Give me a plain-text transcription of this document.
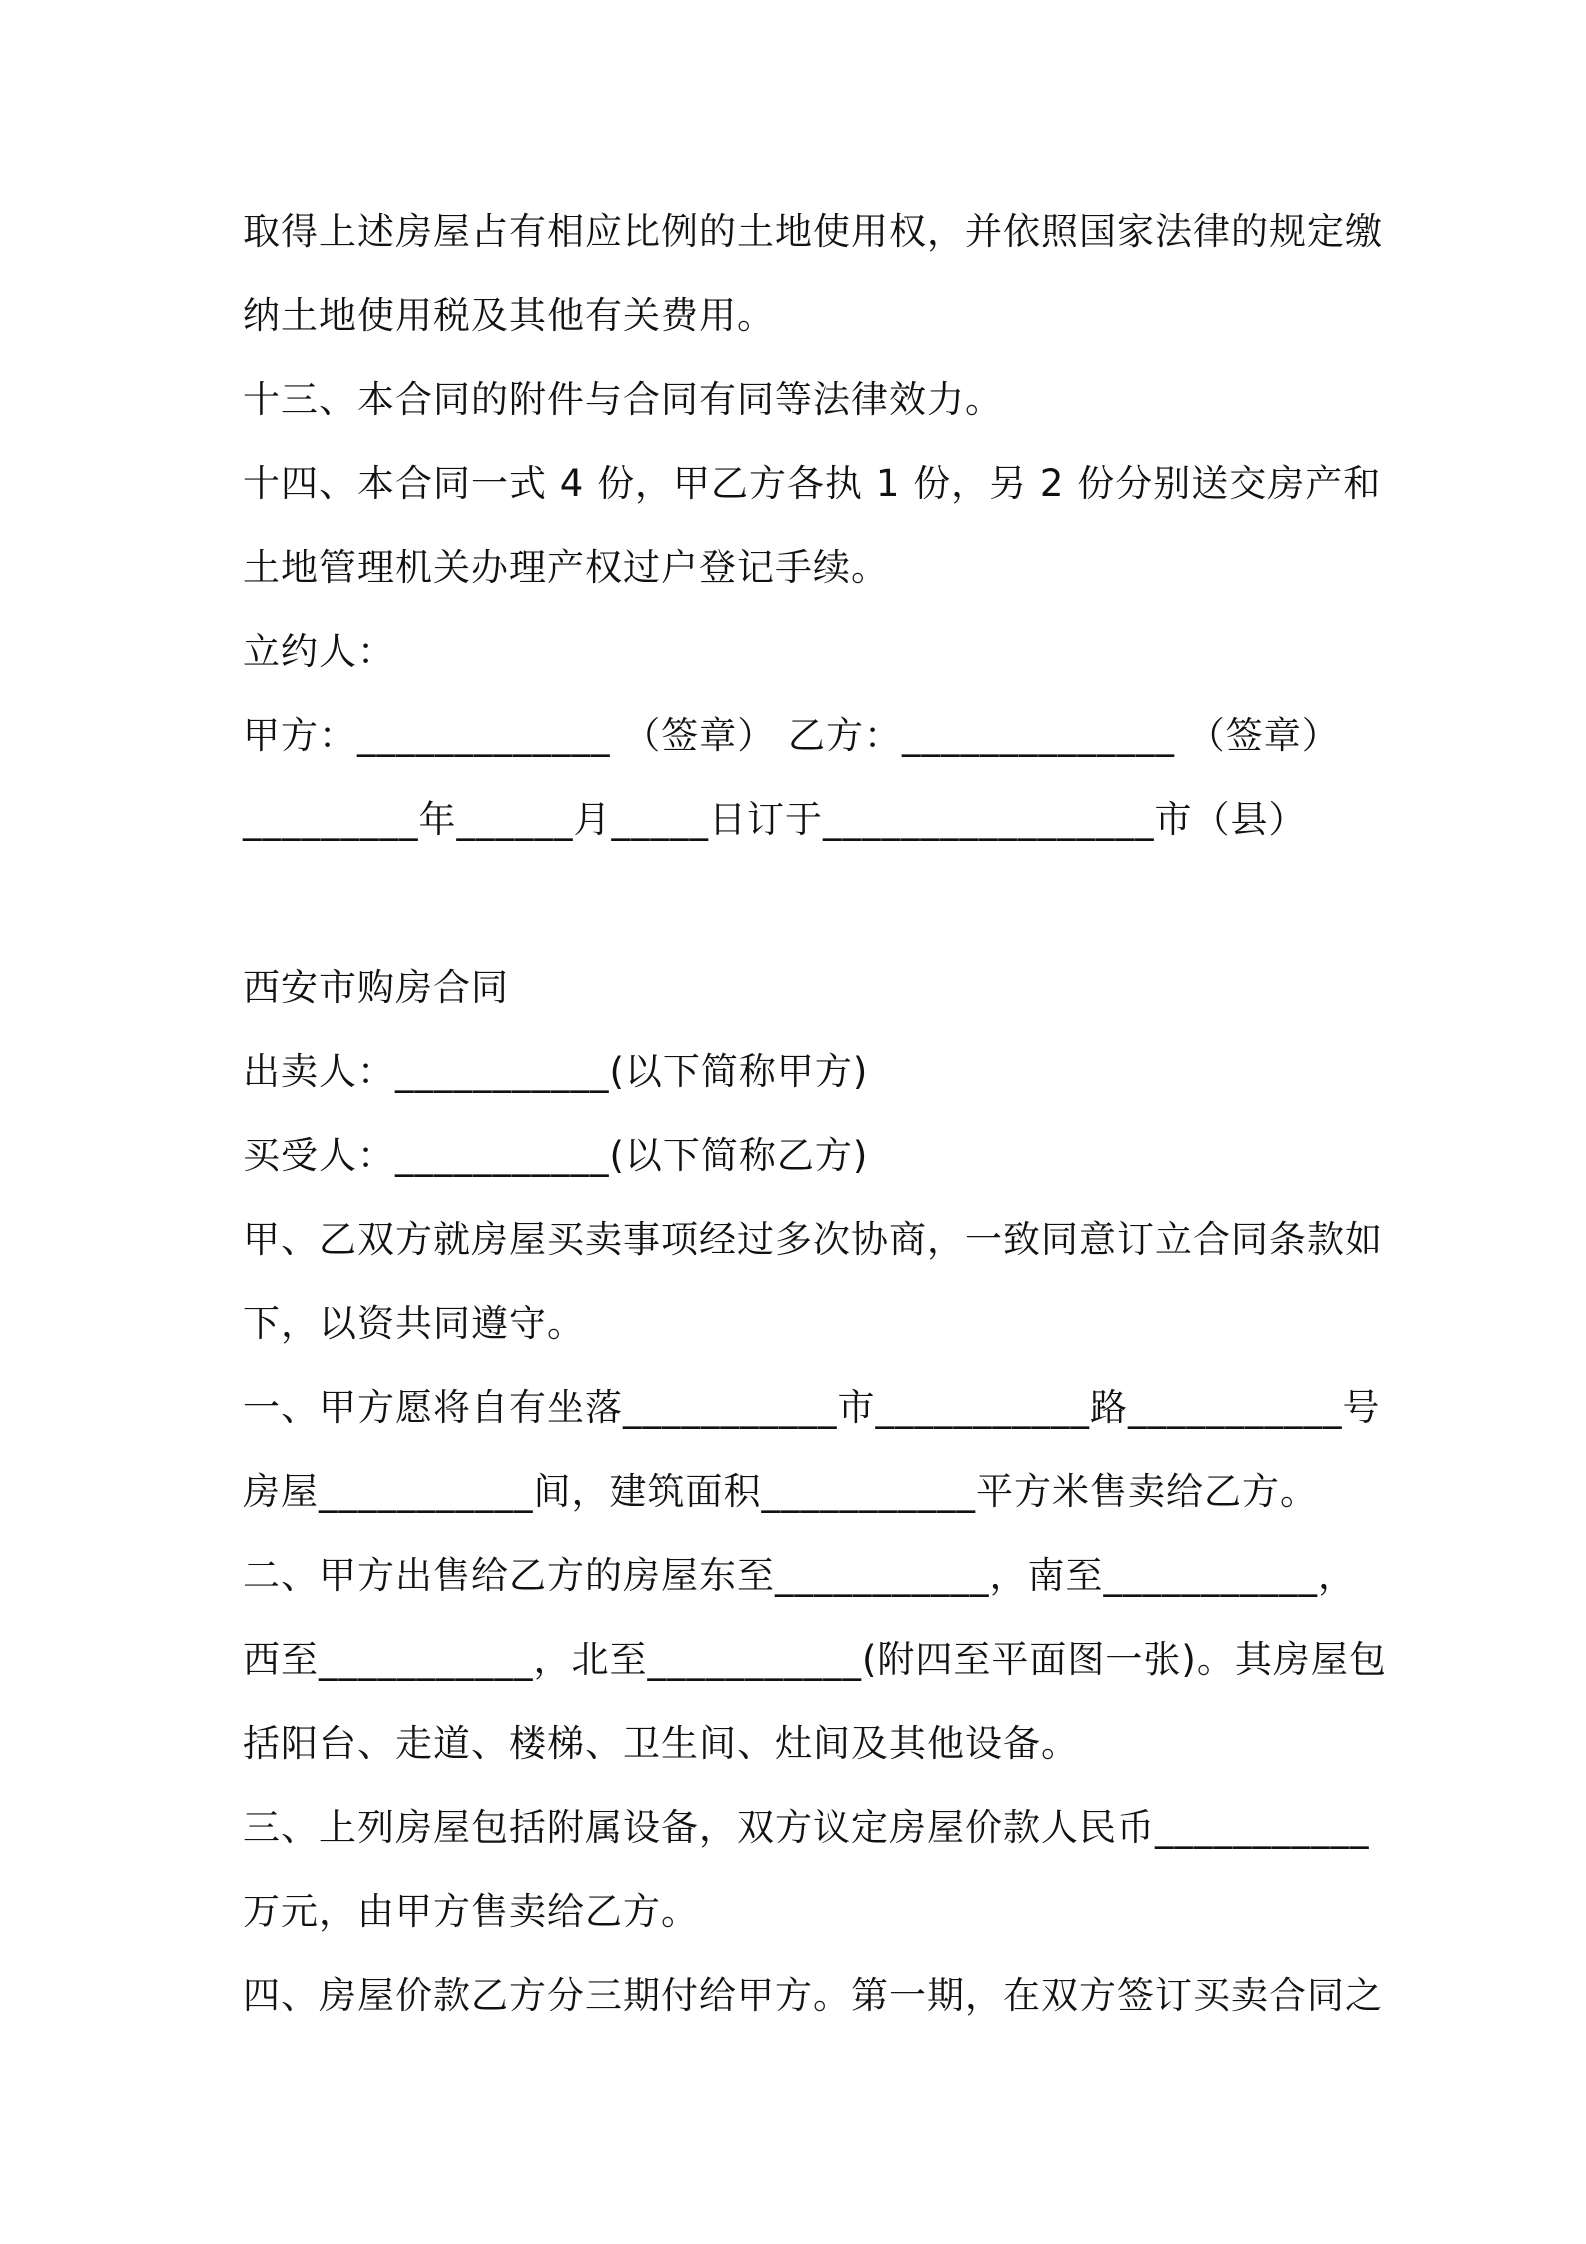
取得上述房屋占有相应比例的土地使用权，并依照国家法律的规定缴
纳土地使用税及其他有关费用。
十三、本合同的附件与合同有同等法律效力。
十四、本合同一式 4 份，甲乙方各执 1 份，另 2 份分别送交房产和
土地管理机关办理产权过户登记手续。
立约人：
甲方：_____________ （签章） 乙方：______________ （签章）
_________年______月_____日订于_________________市（县）
西安市购房合同
出卖人：___________(以下简称甲方)
买受人：___________(以下简称乙方)
甲、乙双方就房屋买卖事项经过多次协商，一致同意订立合同条款如
下，以资共同遵守。
一、甲方愿将自有坐落___________市___________路___________号
房屋___________间，建筑面积___________平方米售卖给乙方。
二、甲方出售给乙方的房屋东至___________，南至___________，
西至___________，北至___________(附四至平面图一张)。其房屋包
括阳台、走道、楼梯、卫生间、灶间及其他设备。
三、上列房屋包括附属设备，双方议定房屋价款人民币___________
万元，由甲方售卖给乙方。
四、房屋价款乙方分三期付给甲方。第一期，在双方签订买卖合同之
